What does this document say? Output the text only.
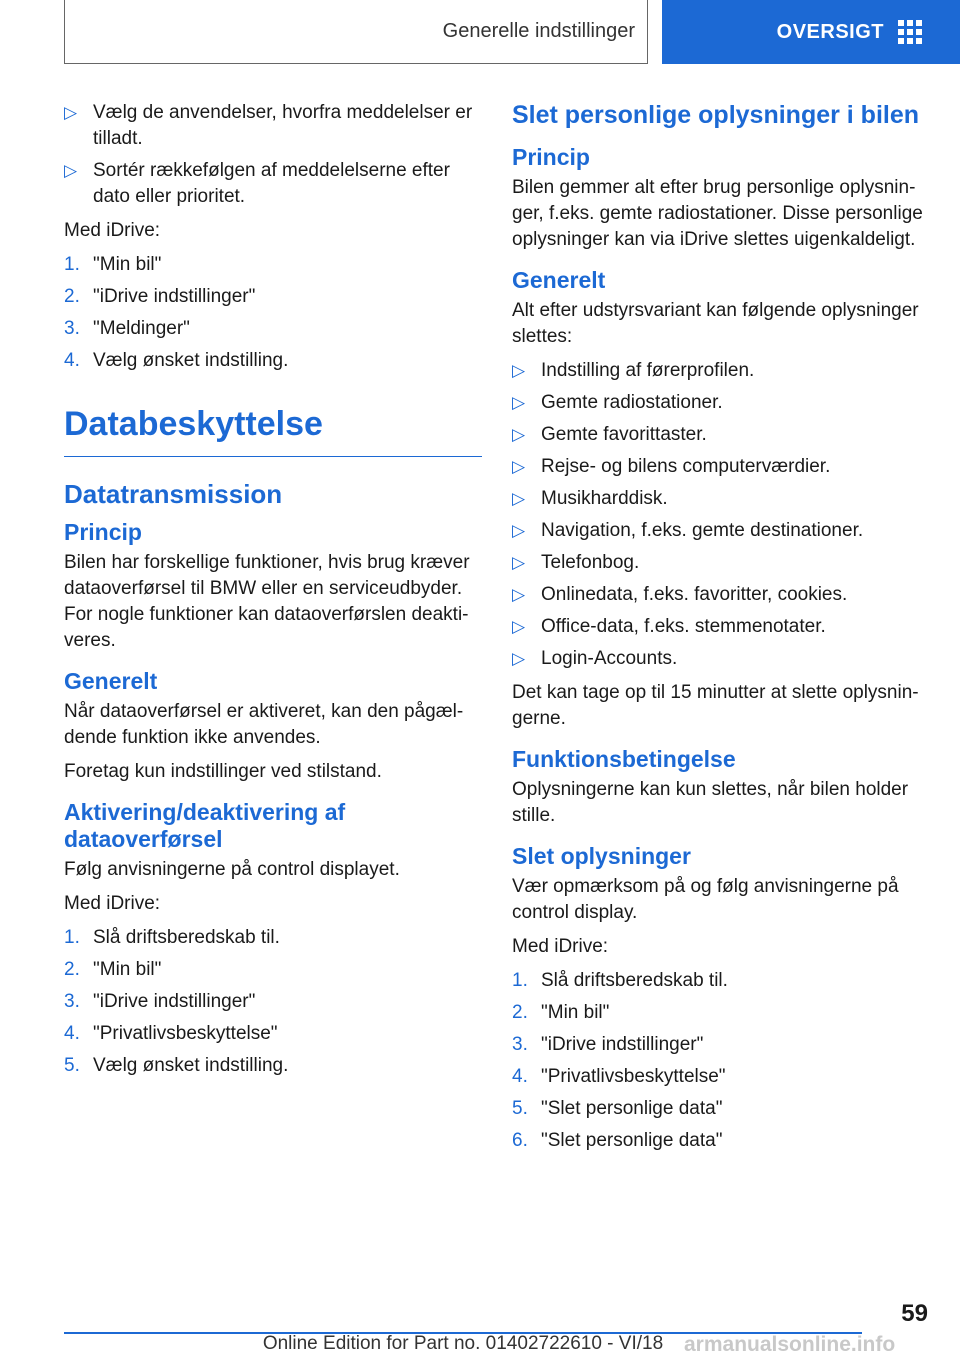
Generelle indstillinger	OVERSIGT
▷ Vælg de anvendelser, hvorfra meddelelser er tilladt.
▷ Sortér rækkefølgen af meddelelserne efter dato eller prioritet.

Med iDrive:

1. "Min bil"
2. "iDrive indstillinger"
3. "Meldinger"
4. Vælg ønsket indstilling.
Databeskyttelse
Datatransmission
Princip

Bilen har forskellige funktioner, hvis brug kræver dataoverførsel til BMW eller en serviceudbyder. For nogle funktioner kan dataoverførslen deaktiveres.

Generelt

Når dataoverførsel er aktiveret, kan den pågældende funktion ikke anvendes.

Foretag kun indstillinger ved stilstand.

Aktivering/deaktivering af dataoverførsel

Følg anvisningerne på control displayet.

Med iDrive:

1. Slå driftsberedskab til.
2. "Min bil"
3. "iDrive indstillinger"
4. "Privatlivsbeskyttelse"
5. Vælg ønsket indstilling.
Slet personlige oplysninger i bilen
Princip

Bilen gemmer alt efter brug personlige oplysninger, f.eks. gemte radiostationer. Disse personlige oplysninger kan via iDrive slettes uigenkaldeligt.

Generelt

Alt efter udstyrsvariant kan følgende oplysninger slettes:

▷ Indstilling af førerprofilen.
▷ Gemte radiostationer.
▷ Gemte favorittaster.
▷ Rejse- og bilens computerværdier.
▷ Musikharddisk.
▷ Navigation, f.eks. gemte destinationer.
▷ Telefonbog.
▷ Onlinedata, f.eks. favoritter, cookies.
▷ Office-data, f.eks. stemmenotater.
▷ Login-Accounts.

Det kan tage op til 15 minutter at slette oplysningerne.

Funktionsbetingelse

Oplysningerne kan kun slettes, når bilen holder stille.

Slet oplysninger

Vær opmærksom på og følg anvisningerne på control display.

Med iDrive:

1. Slå driftsberedskab til.
2. "Min bil"
3. "iDrive indstillinger"
4. "Privatlivsbeskyttelse"
5. "Slet personlige data"
6. "Slet personlige data"
59
Online Edition for Part no. 01402722610 - VI/18 armanualsonline.info
